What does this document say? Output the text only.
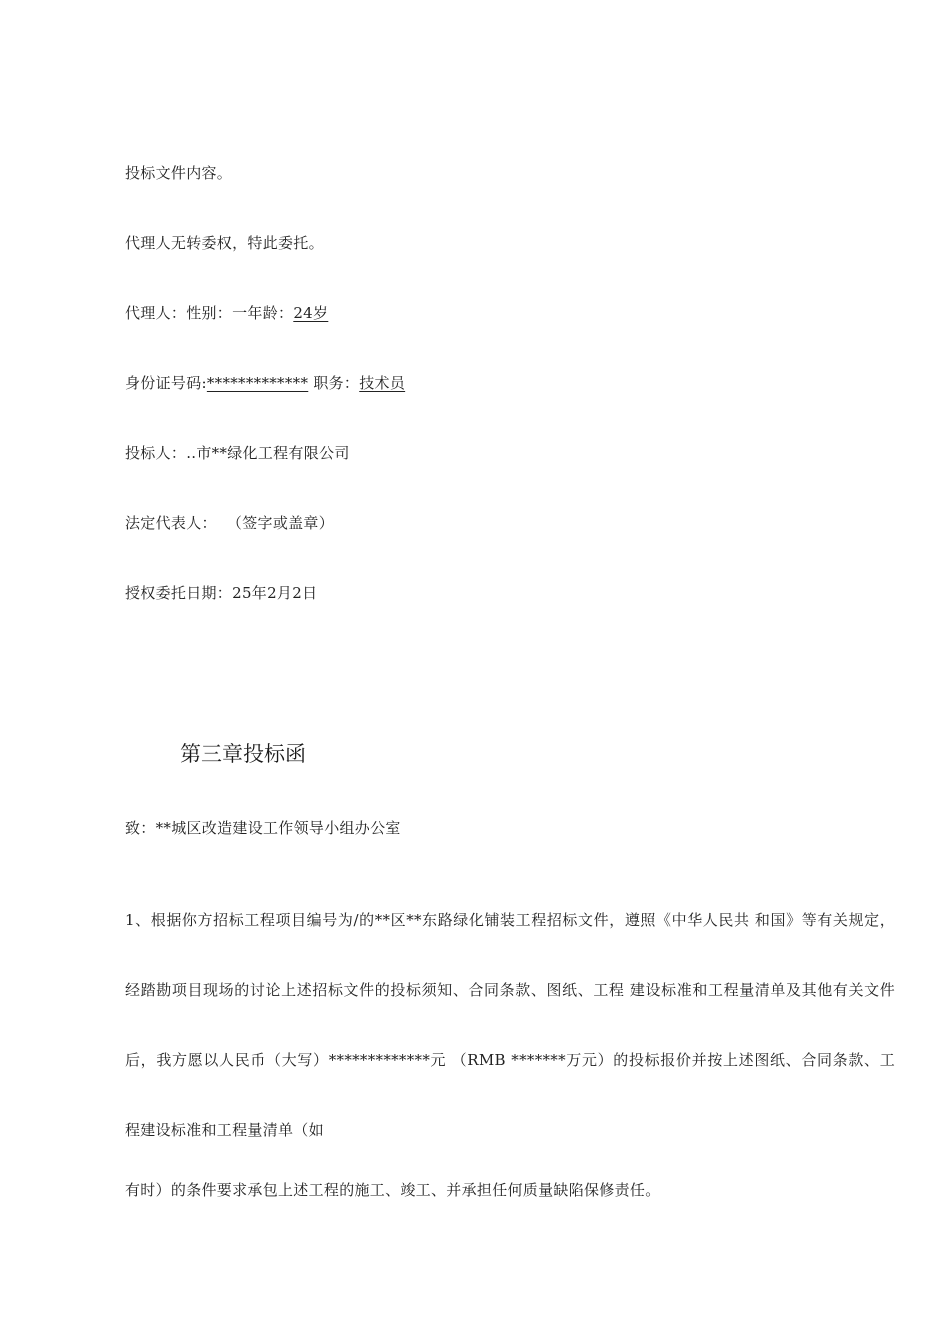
投标文件内容。
代理人无转委权，特此委托。
代理人：性别：一年龄：24岁
身份证号码:************* 职务：技术员
投标人：..市**绿化工程有限公司
法定代表人：  （签字或盖章）
授权委托日期：25年2月2日
第三章投标函
致：**城区改造建设工作领导小组办公室

1、根据你方招标工程项目编号为/的**区**东路绿化铺装工程招标文件，遵照《中华人民共 和国》等有关规定，经踏勘项目现场的讨论上述招标文件的投标须知、合同条款、图纸、工程 建设标准和工程量清单及其他有关文件后，我方愿以人民币（大写）*************元 （RMB *******万元）的投标报价并按上述图纸、合同条款、工程建设标准和工程量清单（如

有时）的条件要求承包上述工程的施工、竣工、并承担任何质量缺陷保修责任。
